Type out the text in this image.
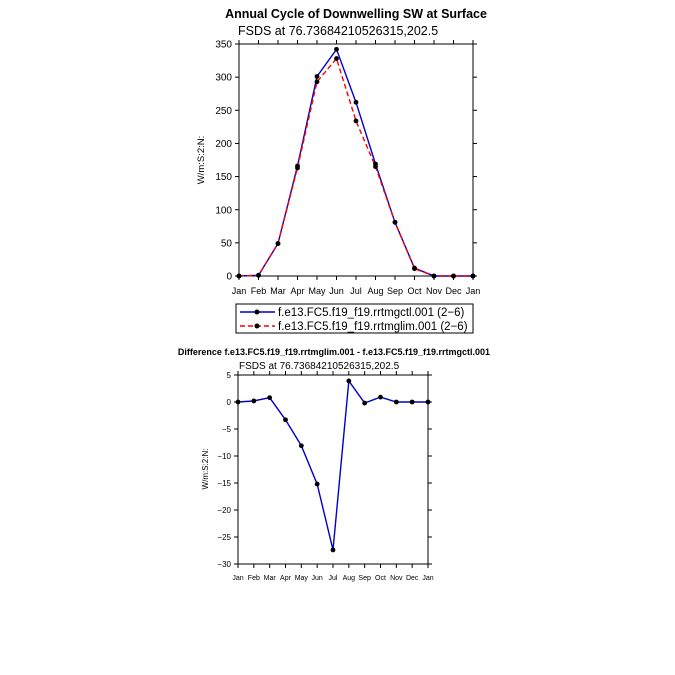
Annual Cycle of Downwelling SW at Surface
FSDS at 76.73684210526315,202.5
W/m:S:2:N:
0
50
100
150
200
250
300
350
Jan Feb Mar Apr May Jun Jul Aug Sep Oct Nov Dec Jan
f.e13.FC5.f19_f19.rrtmgctl.001 (2−6)
f.e13.FC5.f19_f19.rrtmglim.001 (2−6)
Difference f.e13.FC5.f19_f19.rrtmglim.001 - f.e13.FC5.f19_f19.rrtmgctl.001
FSDS at 76.73684210526315,202.5
W/m:S:2:N:
5
0
−5
−10
−15
−20
−25
−30
Jan Feb Mar Apr May Jun Jul Aug Sep Oct Nov Dec Jan
